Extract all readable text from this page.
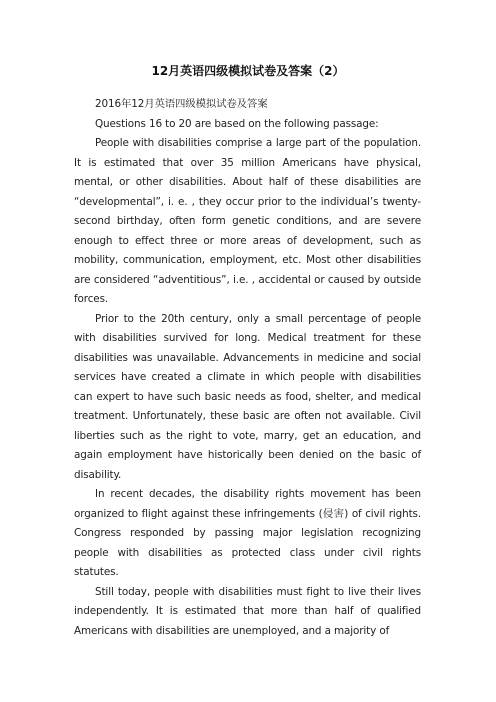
12月英语四级模拟试卷及答案（2）

2016年12月英语四级模拟试卷及答案

Questions 16 to 20 are based on the following passage:

People with disabilities comprise a large part of the population. It is estimated that over 35 million Americans have physical, mental, or other disabilities. About half of these disabilities are “developmental”, i. e. , they occur prior to the individual’s twenty-second birthday, often form genetic conditions, and are severe enough to effect three or more areas of development, such as mobility, communication, employment, etc. Most other disabilities are considered “adventitious”, i.e. , accidental or caused by outside forces.

Prior to the 20th century, only a small percentage of people with disabilities survived for long. Medical treatment for these disabilities was unavailable. Advancements in medicine and social services have created a climate in which people with disabilities can expert to have such basic needs as food, shelter, and medical treatment. Unfortunately, these basic are often not available. Civil liberties such as the right to vote, marry, get an education, and again employment have historically been denied on the basic of disability.

In recent decades, the disability rights movement has been organized to flight against these infringements (侵害) of civil rights. Congress responded by passing major legislation recognizing people with disabilities as protected class under civil rights statutes.

Still today, people with disabilities must fight to live their lives independently. It is estimated that more than half of qualified Americans with disabilities are unemployed, and a majority of
